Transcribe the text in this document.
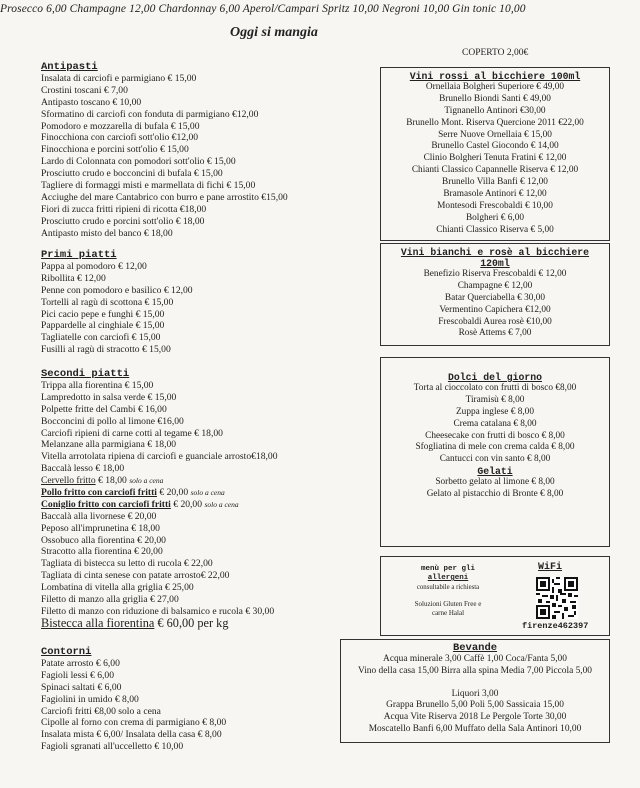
Prosecco 6,00 Champagne 12,00 Chardonnay 6,00 Aperol/Campari Spritz 10,00 Negroni 10,00 Gin tonic 10,00
Oggi si mangia
COPERTO 2,00€
Antipasti
Insalata di carciofi e parmigiano € 15,00
Crostini toscani € 7,00
Antipasto toscano € 10,00
Sformatino di carciofi con fonduta di parmigiano €12,00
Pomodoro e mozzarella di bufala € 15,00
Finocchiona con carciofi sott'olio €12,00
Finocchiona e porcini sott'olio € 15,00
Lardo di Colonnata con pomodori sott'olio € 15,00
Prosciutto crudo e bocconcini di bufala € 15,00
Taglieгe di formaggi misti e marmellata di fichi € 15,00
Acciughe del mare Cantabrico con burro e pane arrostito €15,00
Fiori di zucca fritti ripieni di ricotta €18,00
Prosciutto crudo e porcini sott'olio € 18,00
Antipasto misto del banco € 18,00
Primi piatti
Pappa al pomodoro € 12,00
Ribollita € 12,00
Penne con pomodoro e basilico € 12,00
Tortelli al ragù di scottona € 15,00
Pici cacio pepe e funghi € 15,00
Pappardelle al cinghiale € 15,00
Tagliatelle con carciofi € 15,00
Fusilli al ragù di stracotto € 15,00
Secondi piatti
Trippa alla fiorentina € 15,00
Lampredotto in salsa verde € 15,00
Polpette fritte del Cambi € 16,00
Bocconcini di pollo al limone €16,00
Carciofi ripieni di carne cotti al tegame € 18,00
Melanzane alla parmigiana € 18,00
Vitella arrotolata ripiena di carciofi e guanciale arrosto€18,00
Baccalà lesso € 18,00
Cervello fritto € 18,00 solo a cena
Pollo fritto con carciofi fritti € 20,00 solo a cena
Coniglio fritto con carciofi fritti € 20,00 solo a cena
Baccalà alla livornese € 20,00
Peposo all'imprunetina € 18,00
Ossobuco alla fiorentina € 20,00
Stracotto alla fiorentina € 20,00
Tagliata di bistecca su letto di rucola € 22,00
Tagliata di cinta senese con patate arrosto€ 22,00
Lombatina di vitella alla griglia € 25,00
Filetto di manzo alla griglia € 27,00
Filetto di manzo con riduzione di balsamico e rucola € 30,00
Bistecca alla fiorentina € 60,00 per kg
Contorni
Patate arrosto € 6,00
Fagioli lessi € 6,00
Spinaci saltati € 6,00
Fagiolini in umido € 8,00
Carciofi fritti €8,00 solo a cena
Cipolle al forno con crema di parmigiano € 8,00
Insalata mista € 6,00/ Insalata della casa € 8,00
Fagioli sgranati all'uccelletto € 10,00
Vini rossi al bicchiere 100ml
Ornellaia Bolgheri Superiore € 49,00
Brunello Biondi Santi € 49,00
Tignanello Antinori €30,00
Brunello Mont. Riserva Quercione 2011 €22,00
Serre Nuove Ornellaia € 15,00
Brunello Castel Giocondo € 14,00
Clinio Bolgheri Tenuta Fratini € 12,00
Chianti Classico Capannelle Riserva € 12,00
Brunello Villa Banfi € 12,00
Bramasole Antinori € 12,00
Montesodi Frescobaldi € 10,00
Bolgheri € 6,00
Chianti Classico Riserva € 5,00
Vini bianchi e rosè al bicchiere
120ml
Benefizio Riserva Frescobaldi € 12,00
Champagne € 12,00
Batar Querciabella € 30,00
Vermentino Capichera €12,00
Frescobaldi Aurea rosè €10,00
Rosè Attems € 7,00
Dolci del giorno
Torta al cioccolato con frutti di bosco €8,00
Tiramisù € 8,00
Zuppa inglese € 8,00
Crema catalana € 8,00
Cheesecake con frutti di bosco € 8,00
Sfogliatina di mele con crema calda € 8,00
Cantucci con vin santo € 8,00
Gelati
Sorbetto gelato al limone € 8,00
Gelato al pistacchio di Bronte € 8,00
menù per gli
allergeni
consultabile a richiesta
Soluzioni Gluten Free e
carne Halal
WiFi
firenze462397
Bevande
Acqua minerale 3,00 Caffè 1,00 Coca/Fanta 5,00
Vino della casa 15,00 Birra alla spina Media 7,00 Piccola 5,00
Liquori 3,00
Grappa Brunello 5,00 Poli 5,00 Sassicaia 15,00
Acqua Vite Riserva 2018 Le Pergole Torte 30,00
Moscatello Banfi 6,00 Muffato della Sala Antinori 10,00
